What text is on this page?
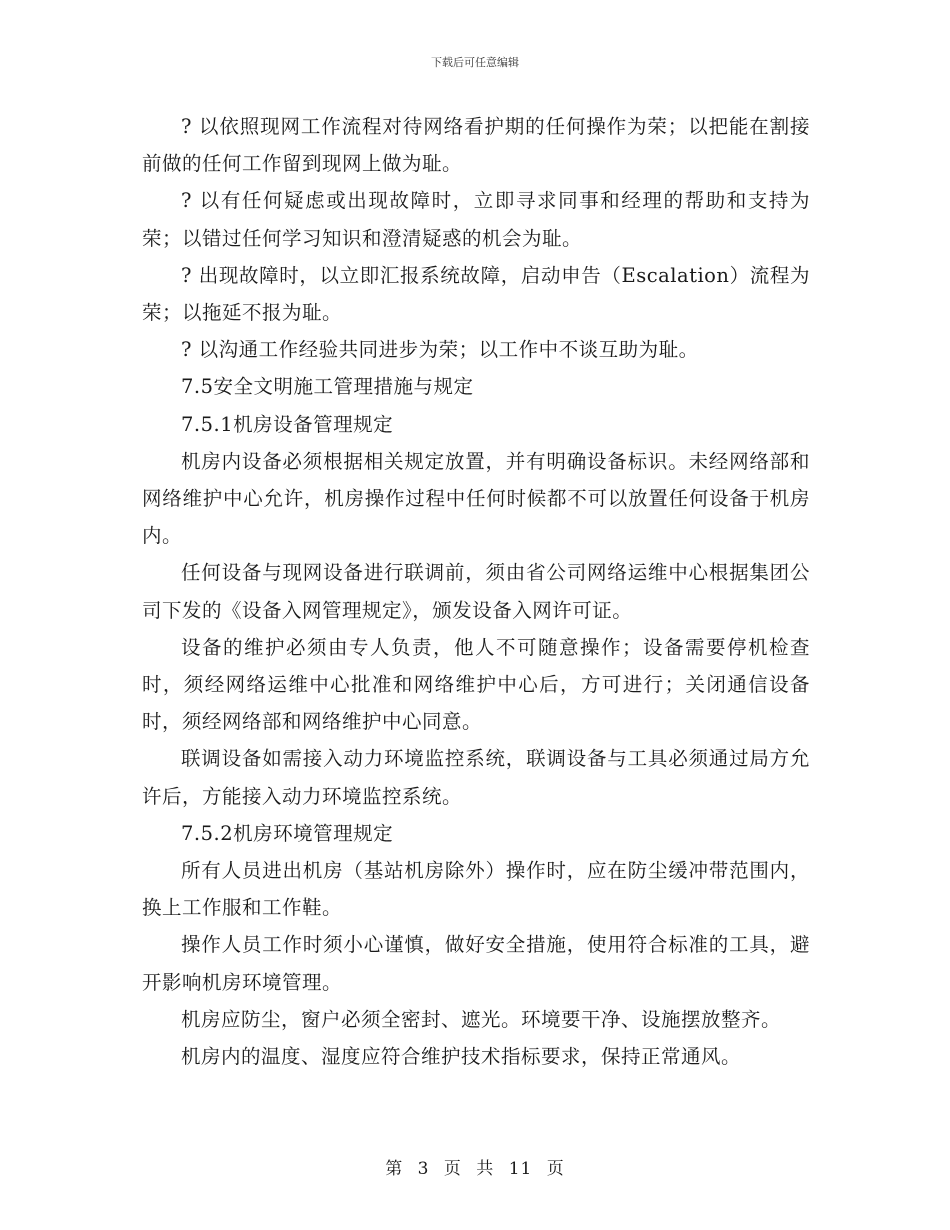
下载后可任意编辑

? 以依照现网工作流程对待网络看护期的任何操作为荣；以把能在割接前做的任何工作留到现网上做为耻。

? 以有任何疑虑或出现故障时，立即寻求同事和经理的帮助和支持为荣；以错过任何学习知识和澄清疑惑的机会为耻。

? 出现故障时，以立即汇报系统故障，启动申告（Escalation）流程为荣；以拖延不报为耻。

? 以沟通工作经验共同进步为荣；以工作中不谈互助为耻。

7.5安全文明施工管理措施与规定

7.5.1机房设备管理规定

机房内设备必须根据相关规定放置，并有明确设备标识。未经网络部和网络维护中心允许，机房操作过程中任何时候都不可以放置任何设备于机房内。

任何设备与现网设备进行联调前，须由省公司网络运维中心根据集团公司下发的《设备入网管理规定》，颁发设备入网许可证。

设备的维护必须由专人负责，他人不可随意操作；设备需要停机检查时，须经网络运维中心批准和网络维护中心后，方可进行；关闭通信设备时，须经网络部和网络维护中心同意。

联调设备如需接入动力环境监控系统，联调设备与工具必须通过局方允许后，方能接入动力环境监控系统。

7.5.2机房环境管理规定

所有人员进出机房（基站机房除外）操作时，应在防尘缓冲带范围内，换上工作服和工作鞋。

操作人员工作时须小心谨慎，做好安全措施，使用符合标准的工具，避开影响机房环境管理。

机房应防尘，窗户必须全密封、遮光。环境要干净、设施摆放整齐。

机房内的温度、湿度应符合维护技术指标要求，保持正常通风。

第 3 页 共 11 页
